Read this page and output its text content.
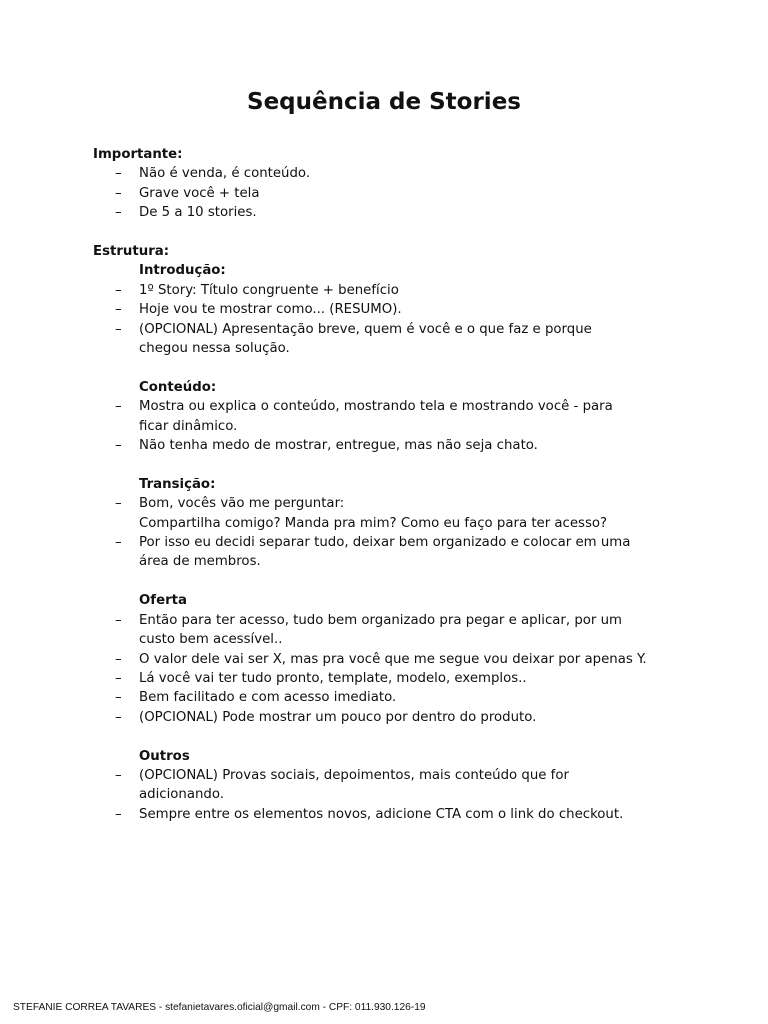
Sequência de Stories
Importante:
– Não é venda, é conteúdo.
– Grave você + tela
– De 5 a 10 stories.
Estrutura:
Introdução:
– 1º Story: Título congruente + benefício
– Hoje vou te mostrar como... (RESUMO).
– (OPCIONAL) Apresentação breve, quem é você e o que faz e porque
chegou nessa solução.
Conteúdo:
– Mostra ou explica o conteúdo, mostrando tela e mostrando você - para
ficar dinâmico.
– Não tenha medo de mostrar, entregue, mas não seja chato.
Transição:
– Bom, vocês vão me perguntar:
Compartilha comigo? Manda pra mim? Como eu faço para ter acesso?
– Por isso eu decidi separar tudo, deixar bem organizado e colocar em uma
área de membros.
Oferta
– Então para ter acesso, tudo bem organizado pra pegar e aplicar, por um
custo bem acessível..
– O valor dele vai ser X, mas pra você que me segue vou deixar por apenas Y.
– Lá você vai ter tudo pronto, template, modelo, exemplos..
– Bem facilitado e com acesso imediato.
– (OPCIONAL) Pode mostrar um pouco por dentro do produto.
Outros
– (OPCIONAL) Provas sociais, depoimentos, mais conteúdo que for
adicionando.
– Sempre entre os elementos novos, adicione CTA com o link do checkout.
STEFANIE CORREA TAVARES - stefanietavares.oficial@gmail.com - CPF: 011.930.126-19
